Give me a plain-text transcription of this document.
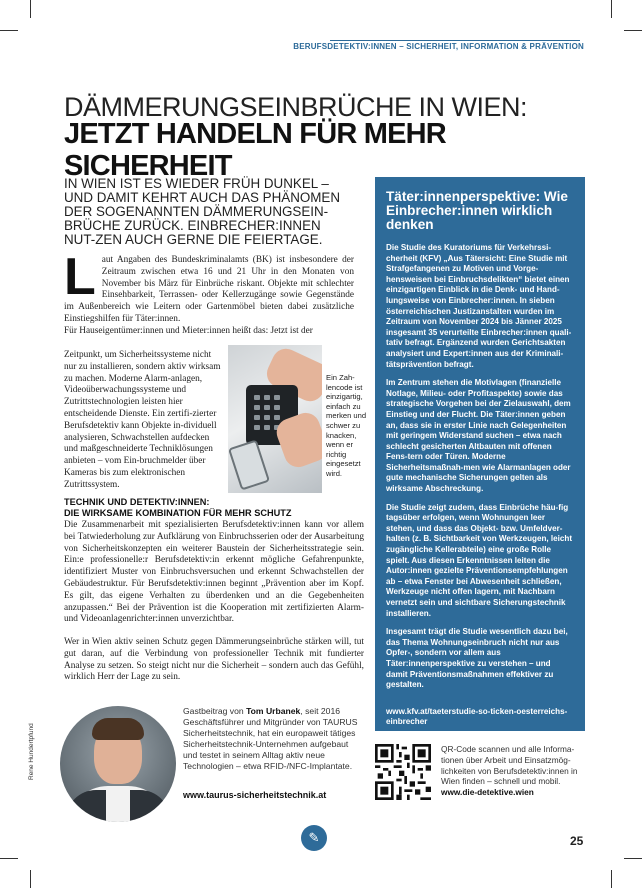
BERUFSDETEKTIV:INNEN – SICHERHEIT, INFORMATION & PRÄVENTION
DÄMMERUNGSEINBRÜCHE IN WIEN:
JETZT HANDELN FÜR MEHR SICHERHEIT

IN WIEN IST ES WIEDER FRÜH DUNKEL – UND DAMIT KEHRT AUCH DAS PHÄNOMEN DER SOGENANNTEN DÄMMERUNGSEIN-BRÜCHE ZURÜCK. EINBRECHER:INNEN NUT-ZEN AUCH GERNE DIE FEIERTAGE.

Laut Angaben des Bundeskriminalamts (BK) ist insbesondere der Zeitraum zwischen etwa 16 und 21 Uhr in den Monaten von November bis März für Einbrüche riskant. Objekte mit schlechter Einsehbarkeit, Terrassen- oder Kellerzugänge sowie Gegenstände im Außenbereich wie Leitern oder Gartenmöbel bieten dabei zusätzliche Einstiegshilfen für Täter:innen.

Für Hauseigentümer:innen und Mieter:innen heißt das: Jetzt ist der

Zeitpunkt, um Sicherheitssysteme nicht nur zu installieren, sondern aktiv wirksam zu machen. Moderne Alarm-anlagen, Videoüberwachungssysteme und Zutrittstechnologien leisten hier entscheidende Dienste. Ein zertifi-zierter Berufsdetektiv kann Objekte in-dividuell analysieren, Schwachstellen aufdecken und maßgeschneiderte Techniklösungen anbieten – vom Ein-bruchmelder über Kameras bis zum elektronischen Zutrittssystem.

Ein Zah-lencode ist einzigartig, einfach zu merken und schwer zu knacken, wenn er richtig eingesetzt wird.

TECHNIK UND DETEKTIV:INNEN:
DIE WIRKSAME KOMBINATION FÜR MEHR SCHUTZ

Die Zusammenarbeit mit spezialisierten Berufsdetektiv:innen kann vor allem bei Tatwiederholung zur Aufklärung von Einbruchsserien oder der Ausarbeitung von Sicherheitskonzepten ein weiterer Baustein der Sicherheitsstrategie sein. Ein:e professionelle:r Berufsdetektiv:in erkennt mögliche Gefahrenpunkte, identifiziert Muster von Einbruchsversuchen und erkennt Schwachstellen der Gebäudestruktur. Für Berufsdetektiv:innen beginnt „Prävention aber im Kopf. Es gilt, das eigene Verhalten zu überdenken und an die Gegebenheiten anzupassen.“ Bei der Prävention ist die Kooperation mit zertifizierten Alarm- und Videoanlagenrichter:innen unverzichtbar.

Wer in Wien aktiv seinen Schutz gegen Dämmerungseinbrüche stärken will, tut gut daran, auf die Verbindung von professioneller Technik mit fundierter Analyse zu setzen. So steigt nicht nur die Sicherheit – sondern auch das Gefühl, wirklich Herr der Lage zu sein.

Rene Hundertpfund

Gastbeitrag von Tom Urbanek, seit 2016 Geschäftsführer und Mitgründer von TAURUS Sicherheitstechnik, hat ein europaweit tätiges Sicherheitstechnik-Unternehmen aufgebaut und testet in seinem Alltag aktiv neue Technologien – etwa RFID-/NFC-Implantate.

www.taurus-sicherheitstechnik.at
Täter:innenperspektive: Wie Einbrecher:innen wirklich denken

Die Studie des Kuratoriums für Verkehrssi-cherheit (KFV) „Aus Tätersicht: Eine Studie mit Strafgefangenen zu Motiven und Vorge-hensweisen bei Einbruchsdelikten“ bietet einen einzigartigen Einblick in die Denk- und Hand-lungsweise von Einbrecher:innen. In sieben österreichischen Justizanstalten wurden im Zeitraum von November 2024 bis Jänner 2025 insgesamt 35 verurteilte Einbrecher:innen quali-tativ befragt. Ergänzend wurden Gerichtsakten analysiert und Expert:innen aus der Kriminali-tätsprävention befragt.

Im Zentrum stehen die Motivlagen (finanzielle Notlage, Milieu- oder Profitaspekte) sowie das strategische Vorgehen bei der Zielauswahl, dem Einstieg und der Flucht. Die Täter:innen geben an, dass sie in erster Linie nach Gelegenheiten mit geringem Widerstand suchen – etwa nach schlecht gesicherten Altbauten mit offenen Fens-tern oder Türen. Moderne Sicherheitsmaßnah-men wie Alarmanlagen oder gute mechanische Sicherungen gelten als wirksame Abschreckung.

Die Studie zeigt zudem, dass Einbrüche häu-fig tagsüber erfolgen, wenn Wohnungen leer stehen, und dass das Objekt- bzw. Umfeldver-halten (z. B. Sichtbarkeit von Werkzeugen, leicht zugängliche Kellerabteile) eine große Rolle spielt. Aus diesen Erkenntnissen leiten die Autor:innen gezielte Präventionsempfehlungen ab – etwa Fenster bei Abwesenheit schließen, Werkzeuge nicht offen lagern, mit Nachbarn vernetzt sein und sichtbare Sicherungstechnik installieren.

Insgesamt trägt die Studie wesentlich dazu bei, das Thema Wohnungseinbruch nicht nur aus Opfer-, sondern vor allem aus Täter:innenperspektive zu verstehen – und damit Präventionsmaßnahmen effektiver zu gestalten.

www.kfv.at/taeterstudie-so-ticken-oesterreichs-einbrecher
QR-Code scannen und alle Informa-tionen über Arbeit und Einsatzmög-lichkeiten von Berufsdetektiv:innen in Wien finden – schnell und mobil.
www.die-detektive.wien
✎	25
